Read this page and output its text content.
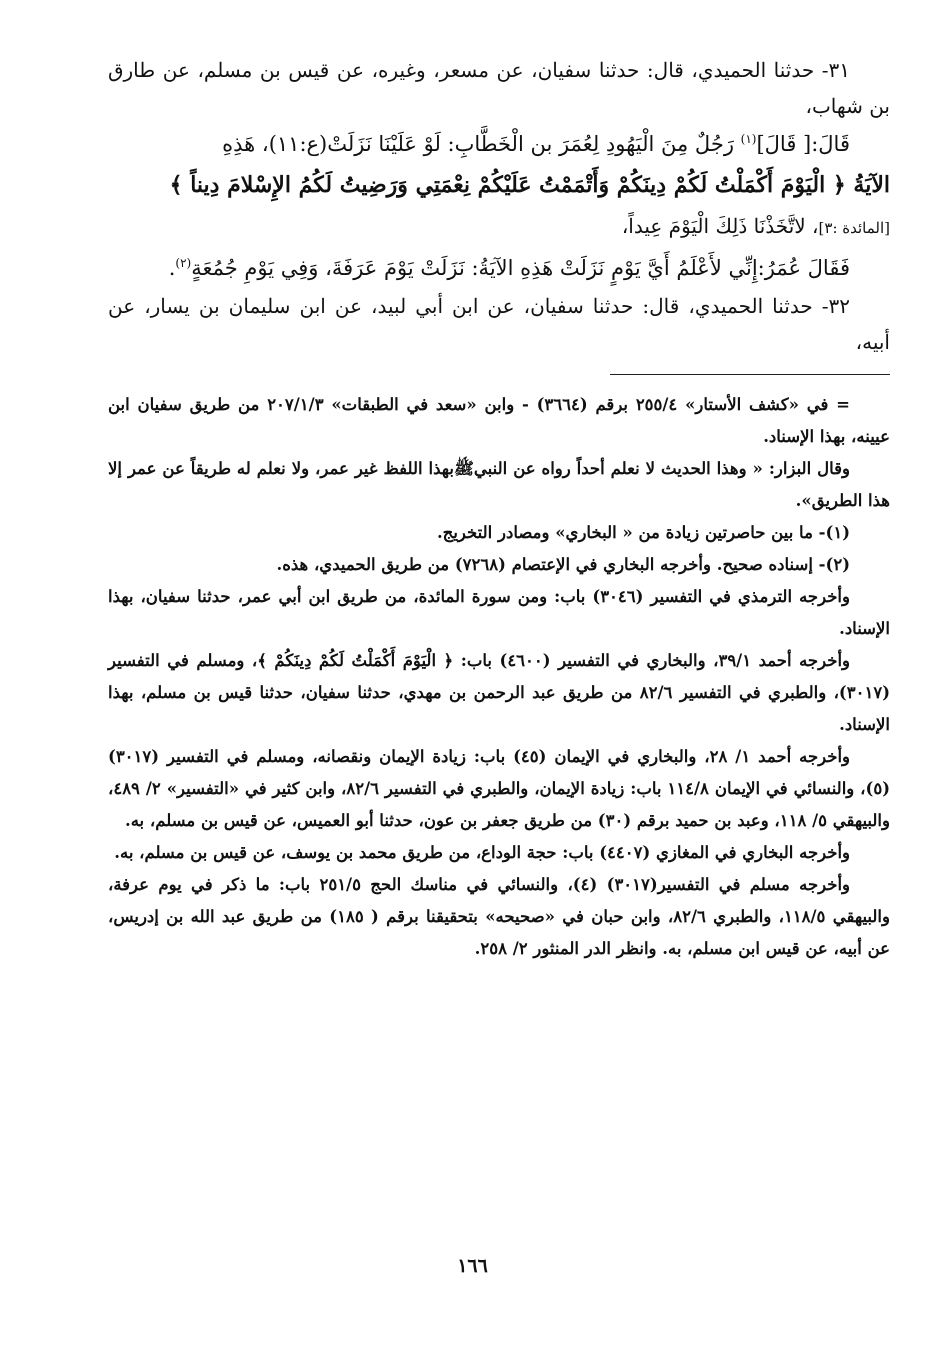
٣١- حدثنا الحميدي، قال: حدثنا سفيان، عن مسعر، وغيره، عن قيس بن مسلم، عن طارق بن شهاب،

قَالَ:[ قَالَ]$^{(١)}$ رَجُلٌ مِنَ الْيَهُودِ لِعُمَرَ بن الْخَطَّابِ: لَوْ عَلَيْنَا نَزَلَتْ(ع:١١)، هَذِهِ

الآيَةُ ﴿ الْيَوْمَ أَكْمَلْتُ لَكُمْ دِينَكُمْ وَأَتْمَمْتُ عَلَيْكُمْ نِعْمَتِي وَرَضِيتُ لَكُمُ الإِسْلامَ دِيناً ﴾

[المائدة :٣]، لاتَّخَذْنَا ذَلِكَ الْيَوْمَ عِيداً،

فَقَالَ عُمَرُ:إِنِّي لأَعْلَمُ أَيَّ يَوْمٍ نَزَلَتْ هَذِهِ الآيَةُ: نَزَلَتْ يَوْمَ عَرَفَةَ، وَفِي يَوْمِ جُمُعَةٍ$^{(٢)}$.

٣٢- حدثنا الحميدي، قال: حدثنا سفيان، عن ابن أبي لبيد، عن ابن سليمان بن يسار، عن أبيه،

= في «كشف الأستار» ٢٥٥/٤ برقم (٣٦٦٤) - وابن «سعد في الطبقات» ٢٠٧/١/٣ من طريق سفيان ابن عيينه، بهذا الإسناد.

وقال البزار: « وهذا الحديث لا نعلم أحداً رواه عن النبيﷺبهذا اللفظ غير عمر، ولا نعلم له طريقاً عن عمر إلا هذا الطريق».

(١)- ما بين حاصرتين زيادة من « البخاري» ومصادر التخريج.

(٢)- إسناده صحيح. وأخرجه البخاري في الإعتصام (٧٢٦٨) من طريق الحميدي، هذه.

وأخرجه الترمذي في التفسير (٣٠٤٦) باب: ومن سورة المائدة، من طريق ابن أبي عمر، حدثنا سفيان، بهذا الإسناد.

وأخرجه أحمد ٣٩/١، والبخاري في التفسير (٤٦٠٠) باب: ﴿ الْيَوْمَ أَكْمَلْتُ لَكُمْ دِينَكُمْ ﴾، ومسلم في التفسير (٣٠١٧)، والطبري في التفسير ٨٢/٦ من طريق عبد الرحمن بن مهدي، حدثنا سفيان، حدثنا قيس بن مسلم، بهذا الإسناد.

وأخرجه أحمد ١/ ٢٨، والبخاري في الإيمان (٤٥) باب: زيادة الإيمان ونقصانه، ومسلم في التفسير (٣٠١٧) (٥)، والنسائي في الإيمان ١١٤/٨ باب: زيادة الإيمان، والطبري في التفسير ٨٢/٦، وابن كثير في «التفسير» ٢/ ٤٨٩، والبيهقي ٥/ ١١٨، وعبد بن حميد برقم (٣٠) من طريق جعفر بن عون، حدثنا أبو العميس، عن قيس بن مسلم، به.

وأخرجه البخاري في المغازي (٤٤٠٧) باب: حجة الوداع، من طريق محمد بن يوسف، عن قيس بن مسلم، به.

وأخرجه مسلم في التفسير(٣٠١٧) (٤)، والنسائي في مناسك الحج ٢٥١/٥ باب: ما ذكر في يوم عرفة، والبيهقي ١١٨/٥، والطبري ٨٢/٦، وابن حبان في «صحيحه» بتحقيقنا برقم ( ١٨٥) من طريق عبد الله بن إدريس، عن أبيه، عن قيس ابن مسلم، به. وانظر الدر المنثور ٢/ ٢٥٨.

١٦٦
